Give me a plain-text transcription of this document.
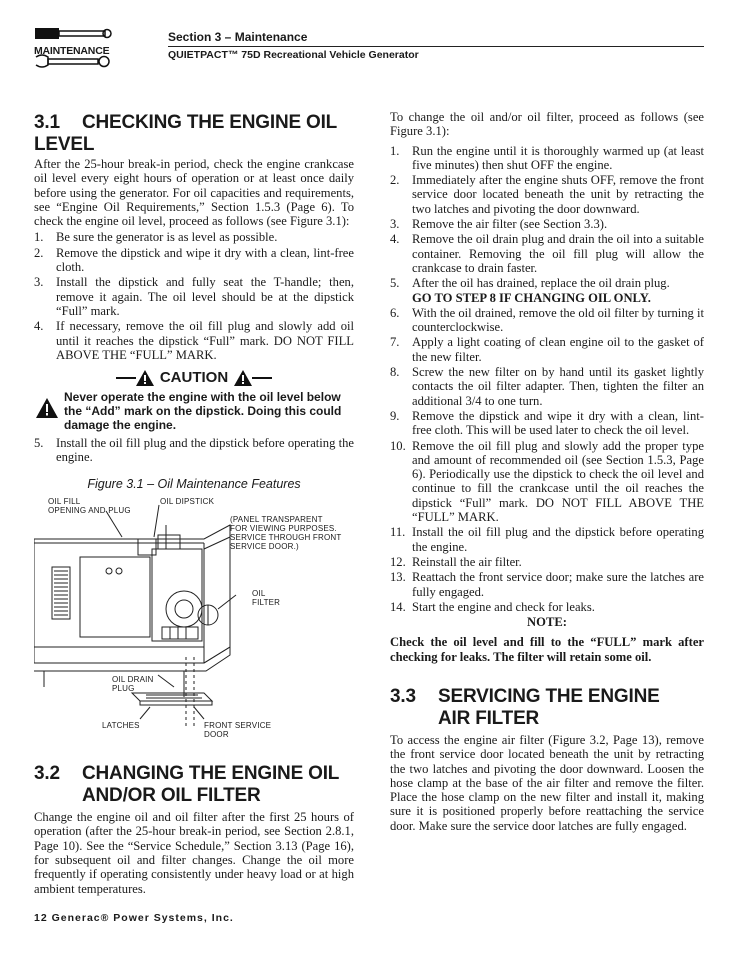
MAINTENANCE
Section 3 – Maintenance
QUIETPACT™ 75D Recreational Vehicle Generator
3.1 CHECKING THE ENGINE OIL LEVEL

After the 25-hour break-in period, check the engine crankcase oil level every eight hours of operation or at least once daily before using the generator. For oil capacities and requirements, see “Engine Oil Requirements,” Section 1.5.3 (Page 6). To check the engine oil level, proceed as follows (see Figure 3.1):

1. Be sure the generator is as level as possible.
2. Remove the dipstick and wipe it dry with a clean, lint-free cloth.
3. Install the dipstick and fully seat the T-handle; then, remove it again. The oil level should be at the dipstick “Full” mark.
4. If necessary, remove the oil fill plug and slowly add oil until it reaches the dipstick “Full” mark. DO NOT FILL ABOVE THE “FULL” MARK.
CAUTION
Never operate the engine with the oil level below the “Add” mark on the dipstick. Doing this could damage the engine.
5. Install the oil fill plug and the dipstick before operating the engine.
Figure 3.1 – Oil Maintenance Features
OIL FILL
OPENING AND PLUG
OIL DIPSTICK
(PANEL TRANSPARENT
FOR VIEWING PURPOSES.
SERVICE THROUGH FRONT
SERVICE DOOR.)
OIL
FILTER
OIL DRAIN
PLUG
LATCHES	FRONT SERVICE
DOOR
3.2 CHANGING THE ENGINE OIL
AND/OR OIL FILTER

Change the engine oil and oil filter after the first 25 hours of operation (after the 25-hour break-in period, see Section 2.8.1, Page 10). See the “Service Schedule,” Section 3.13 (Page 16), for subsequent oil and filter changes. Change the oil more frequently if operating consistently under heavy load or at high ambient temperatures.

To change the oil and/or oil filter, proceed as follows (see Figure 3.1):

1. Run the engine until it is thoroughly warmed up (at least five minutes) then shut OFF the engine.
2. Immediately after the engine shuts OFF, remove the front service door located beneath the unit by retracting the two latches and pivoting the door downward.
3. Remove the air filter (see Section 3.3).
4. Remove the oil drain plug and drain the oil into a suitable container. Removing the oil fill plug will allow the crankcase to drain faster.
5. After the oil has drained, replace the oil drain plug.
GO TO STEP 8 IF CHANGING OIL ONLY.
6. With the oil drained, remove the old oil filter by turning it counterclockwise.
7. Apply a light coating of clean engine oil to the gasket of the new filter.
8. Screw the new filter on by hand until its gasket lightly contacts the oil filter adapter. Then, tighten the filter an additional 3/4 to one turn.
9. Remove the dipstick and wipe it dry with a clean, lint-free cloth. This will be used later to check the oil level.
10. Remove the oil fill plug and slowly add the proper type and amount of recommended oil (see Section 1.5.3, Page 6). Periodically use the dipstick to check the oil level and continue to fill the crankcase until the oil reaches the dipstick “Full” mark. DO NOT FILL ABOVE THE “FULL” MARK.
11. Install the oil fill plug and the dipstick before operating the engine.
12. Reinstall the air filter.
13. Reattach the front service door; make sure the latches are fully engaged.
14. Start the engine and check for leaks.
NOTE:

Check the oil level and fill to the “FULL” mark after checking for leaks. The filter will retain some oil.

3.3 SERVICING THE ENGINE
AIR FILTER

To access the engine air filter (Figure 3.2, Page 13), remove the front service door located beneath the unit by retracting the two latches and pivoting the door downward. Loosen the hose clamp at the base of the air filter and remove the filter. Place the hose clamp on the new filter and install it, making sure it is positioned properly before reattaching the service door. Make sure the service door latches are fully engaged.

12 Generac® Power Systems, Inc.
